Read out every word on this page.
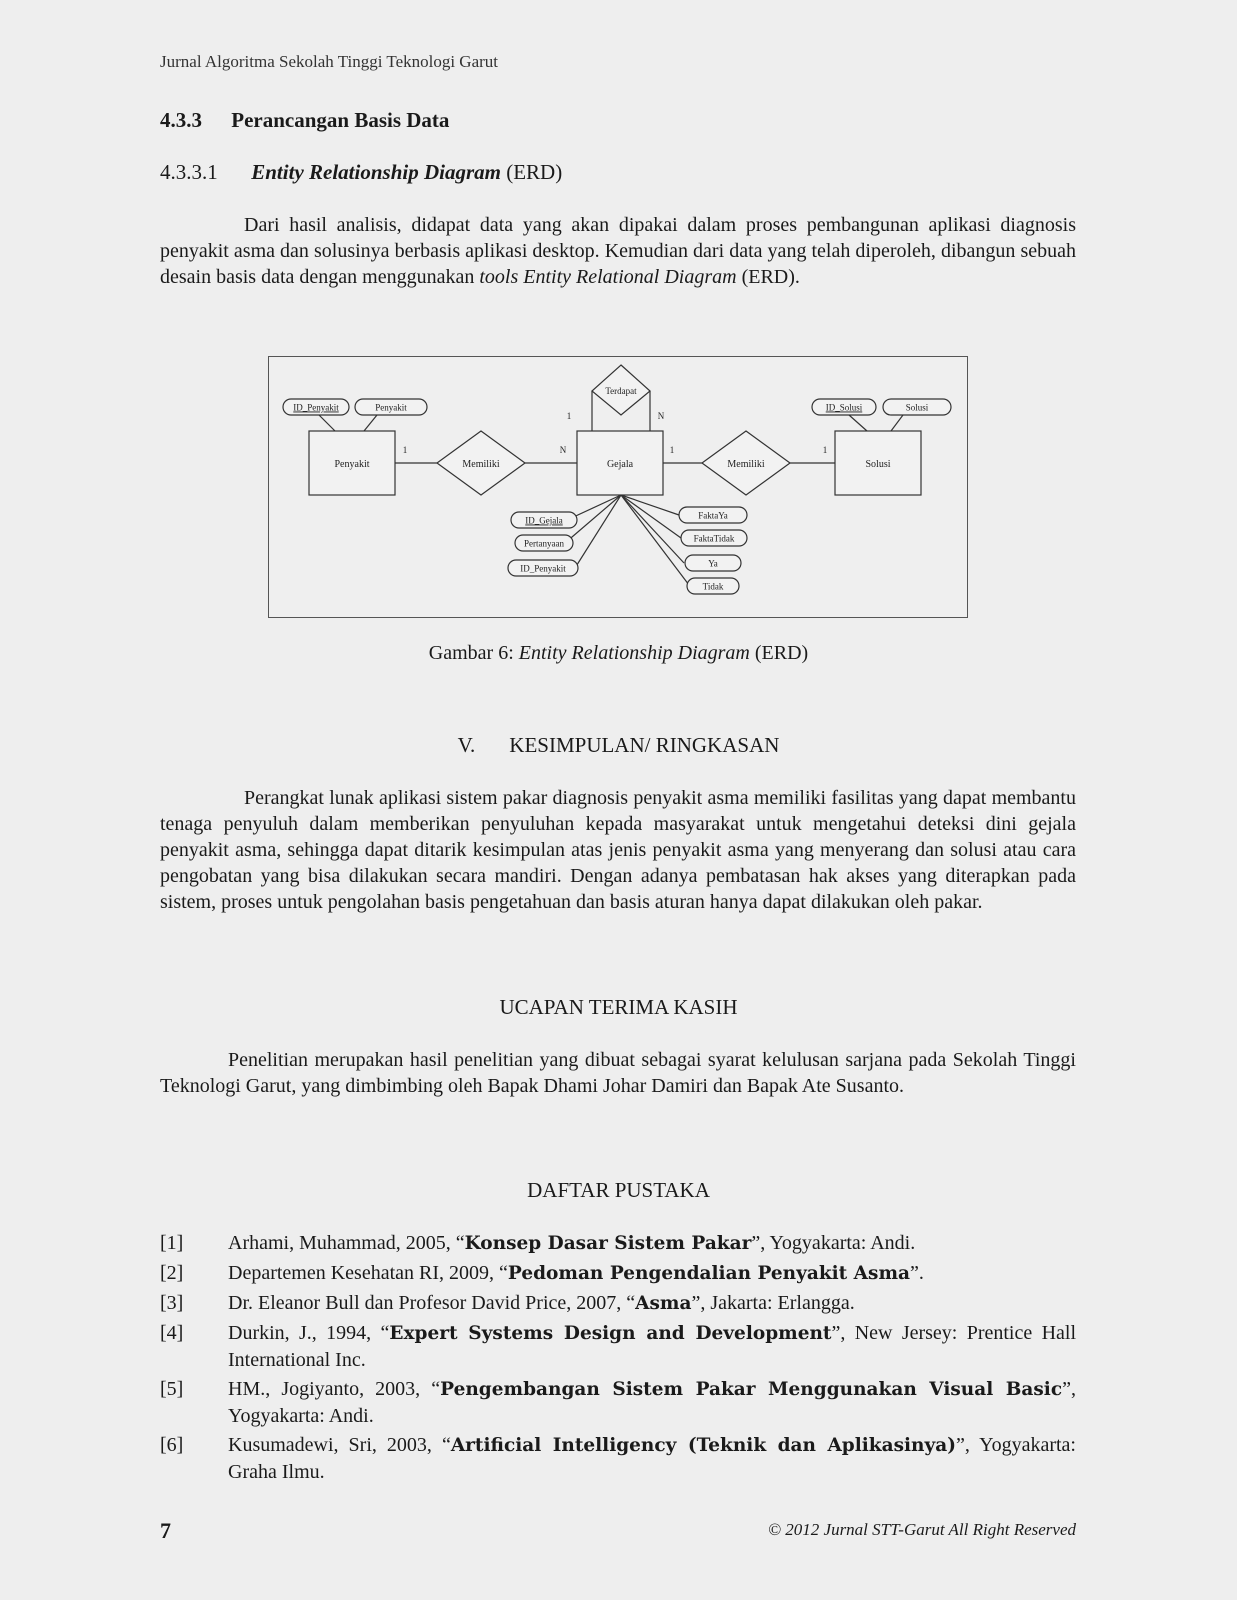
Jurnal Algoritma Sekolah Tinggi Teknologi Garut
4.3.3 Perancangan Basis Data
4.3.3.1 Entity Relationship Diagram (ERD)
Dari hasil analisis, didapat data yang akan dipakai dalam proses pembangunan aplikasi diagnosis penyakit asma dan solusinya berbasis aplikasi desktop. Kemudian dari data yang telah diperoleh, dibangun sebuah desain basis data dengan menggunakan tools Entity Relational Diagram (ERD).
Penyakit	Gejala	Solusi
Memiliki	Memiliki
Terdapat
ID_Penyakit	Penyakit	ID_Solusi	Solusi
ID_Gejala
Pertanyaan
ID_Penyakit
FaktaYa
FaktaTidak
Ya
Tidak
1	N	1	1
1	N
Gambar 6: Entity Relationship Diagram (ERD)
V. KESIMPULAN/ RINGKASAN
Perangkat lunak aplikasi sistem pakar diagnosis penyakit asma memiliki fasilitas yang dapat membantu tenaga penyuluh dalam memberikan penyuluhan kepada masyarakat untuk mengetahui deteksi dini gejala penyakit asma, sehingga dapat ditarik kesimpulan atas jenis penyakit asma yang menyerang dan solusi atau cara pengobatan yang bisa dilakukan secara mandiri. Dengan adanya pembatasan hak akses yang diterapkan pada sistem, proses untuk pengolahan basis pengetahuan dan basis aturan hanya dapat dilakukan oleh pakar.
UCAPAN TERIMA KASIH
Penelitian merupakan hasil penelitian yang dibuat sebagai syarat kelulusan sarjana pada Sekolah Tinggi Teknologi Garut, yang dimbimbing oleh Bapak Dhami Johar Damiri dan Bapak Ate Susanto.
DAFTAR PUSTAKA
[1] Arhami, Muhammad, 2005, “Konsep Dasar Sistem Pakar”, Yogyakarta: Andi.
[2] Departemen Kesehatan RI, 2009, “Pedoman Pengendalian Penyakit Asma”.
[3] Dr. Eleanor Bull dan Profesor David Price, 2007, “Asma”, Jakarta: Erlangga.
[4] Durkin, J., 1994, “Expert Systems Design and Development”, New Jersey: Prentice Hall International Inc.
[5] HM., Jogiyanto, 2003, “Pengembangan Sistem Pakar Menggunakan Visual Basic”, Yogyakarta: Andi.
[6] Kusumadewi, Sri, 2003, “Artificial Intelligency (Teknik dan Aplikasinya)”, Yogyakarta: Graha Ilmu.
7	© 2012 Jurnal STT-Garut All Right Reserved
